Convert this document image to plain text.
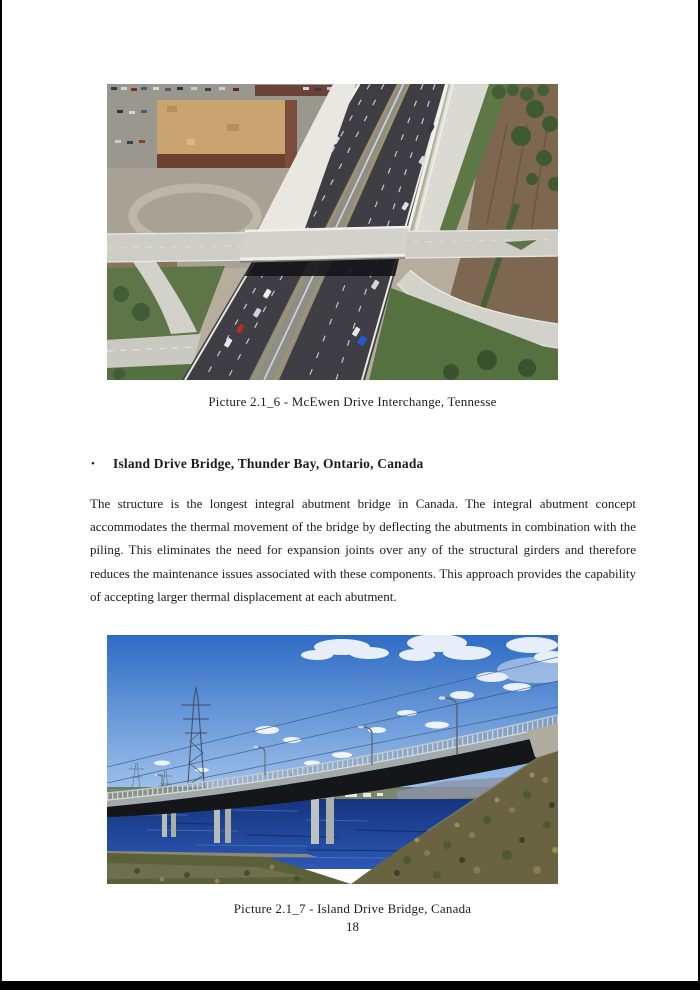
Picture 2.1_6 - McEwen Drive Interchange, Tennesse
• Island Drive Bridge, Thunder Bay, Ontario, Canada
The structure is the longest integral abutment bridge in Canada. The integral abutment concept accommodates the thermal movement of the bridge by deflecting the abutments in combination with the piling. This eliminates the need for expansion joints over any of the structural girders and therefore reduces the maintenance issues associated with these components. This approach provides the capability of accepting larger thermal displacement at each abutment.
Picture 2.1_7 - Island Drive Bridge, Canada
18
